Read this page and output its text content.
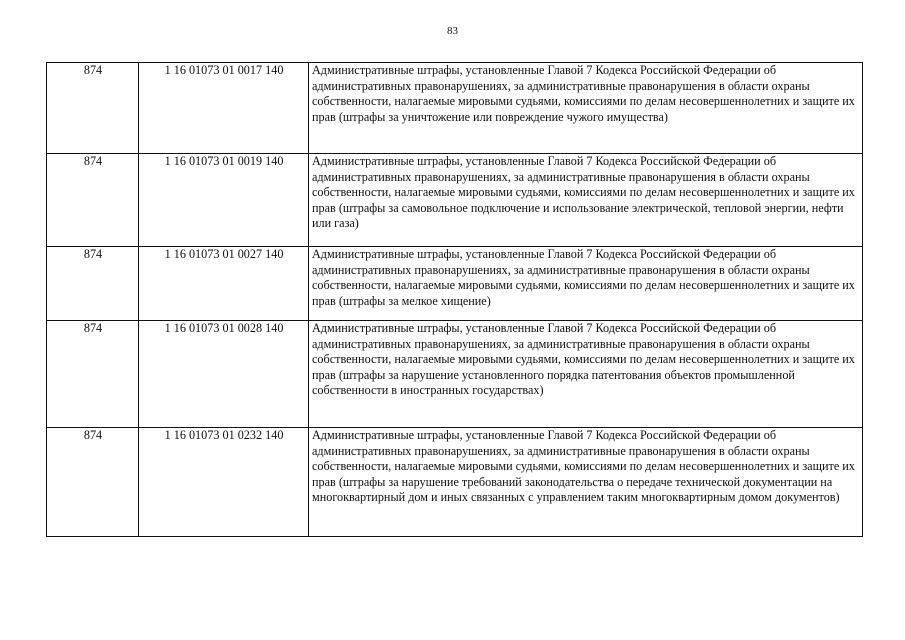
83
874	1 16 01073 01 0017 140	Административные штрафы, установленные Главой 7 Кодекса Российской Федерации об административных правонарушениях, за административные правонарушения в области охраны собственности, налагаемые мировыми судьями, комиссиями по делам несовершеннолетних и защите их прав (штрафы за уничтожение или повреждение чужого имущества)
874	1 16 01073 01 0019 140	Административные штрафы, установленные Главой 7 Кодекса Российской Федерации об административных правонарушениях, за административные правонарушения в области охраны собственности, налагаемые мировыми судьями, комиссиями по делам несовершеннолетних и защите их прав (штрафы за самовольное подключение и использование электрической, тепловой энергии, нефти или газа)
874	1 16 01073 01 0027 140	Административные штрафы, установленные Главой 7 Кодекса Российской Федерации об административных правонарушениях, за административные правонарушения в области охраны собственности, налагаемые мировыми судьями, комиссиями по делам несовершеннолетних и защите их прав (штрафы за мелкое хищение)
874	1 16 01073 01 0028 140	Административные штрафы, установленные Главой 7 Кодекса Российской Федерации об административных правонарушениях, за административные правонарушения в области охраны собственности, налагаемые мировыми судьями, комиссиями по делам несовершеннолетних и защите их прав (штрафы за нарушение установленного порядка патентования объектов промышленной собственности в иностранных государствах)
874	1 16 01073 01 0232 140	Административные штрафы, установленные Главой 7 Кодекса Российской Федерации об административных правонарушениях, за административные правонарушения в области охраны собственности, налагаемые мировыми судьями, комиссиями по делам несовершеннолетних и защите их прав (штрафы за нарушение требований законодательства о передаче технической документации на многоквартирный дом и иных связанных с управлением таким многоквартирным домом документов)
